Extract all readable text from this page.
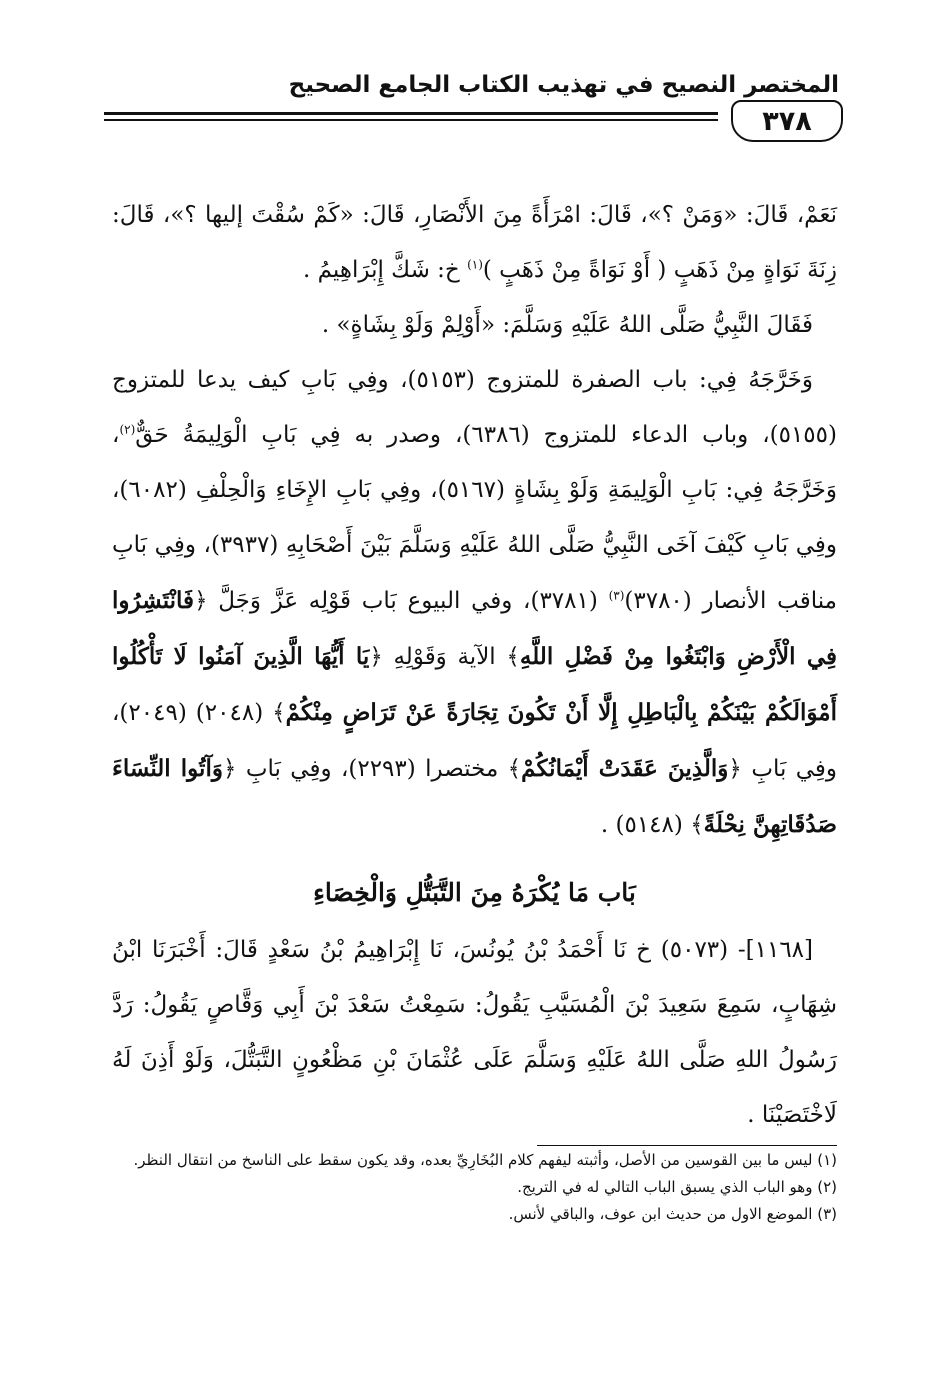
المختصر النصيح في تهذيب الكتاب الجامع الصحيح
٣٧٨

نَعَمْ، قَالَ: «وَمَنْ ؟»، قَالَ: امْرَأَةً مِنَ الأَنْصَارِ، قَالَ: «كَمْ سُقْتَ إليها ؟»، قَالَ: زِنَةَ نَوَاةٍ مِنْ ذَهَبٍ ( أَوْ نَوَاةً مِنْ ذَهَبٍ )$^{(١)}$ خ: شَكَّ إِبْرَاهِيمُ .

فَقَالَ النَّبِيُّ صَلَّى اللهُ عَلَيْهِ وَسَلَّمَ: «أَوْلِمْ وَلَوْ بِشَاةٍ» .

وَخَرَّجَهُ فِي: باب الصفرة للمتزوج (٥١٥٣)، وفِي بَابِ كيف يدعا للمتزوج (٥١٥٥)، وباب الدعاء للمتزوج (٦٣٨٦)، وصدر به فِي بَابِ الْوَلِيمَةُ حَقٌّ$^{(٢)}$، وَخَرَّجَهُ فِي: بَابِ الْوَلِيمَةِ وَلَوْ بِشَاةٍ (٥١٦٧)، وفِي بَابِ الإِخَاءِ وَالْحِلْفِ (٦٠٨٢)، وفِي بَابِ كَيْفَ آخَى النَّبِيُّ صَلَّى اللهُ عَلَيْهِ وَسَلَّمَ بَيْنَ أَصْحَابِهِ (٣٩٣٧)، وفِي بَابِ مناقب الأنصار (٣٧٨٠)$^{(٣)}$ (٣٧٨١)، وفي البيوع بَاب قَوْلِه عَزَّ وَجَلَّ ﴿فَانْتَشِرُوا فِي الْأَرْضِ وَابْتَغُوا مِنْ فَضْلِ اللَّهِ﴾ الآية وَقَوْلِهِ ﴿يَا أَيُّهَا الَّذِينَ آمَنُوا لَا تَأْكُلُوا أَمْوَالَكُمْ بَيْنَكُمْ بِالْبَاطِلِ إِلَّا أَنْ تَكُونَ تِجَارَةً عَنْ تَرَاضٍ مِنْكُمْ﴾ (٢٠٤٨) (٢٠٤٩)، وفِي بَابِ ﴿وَالَّذِينَ عَقَدَتْ أَيْمَانُكُمْ﴾ مختصرا (٢٢٩٣)، وفِي بَابِ ﴿وَآتُوا النِّسَاءَ صَدُقَاتِهِنَّ نِحْلَةً﴾ (٥١٤٨) .

بَاب مَا يُكْرَهُ مِنَ التَّبَتُّلِ وَالْخِصَاءِ

[١١٦٨]- (٥٠٧٣) خ نَا أَحْمَدُ بْنُ يُونُسَ، نَا إِبْرَاهِيمُ بْنُ سَعْدٍ قَالَ: أَخْبَرَنَا ابْنُ شِهَابٍ، سَمِعَ سَعِيدَ بْنَ الْمُسَيَّبِ يَقُولُ: سَمِعْتُ سَعْدَ بْنَ أَبِي وَقَّاصٍ يَقُولُ: رَدَّ رَسُولُ اللهِ صَلَّى اللهُ عَلَيْهِ وَسَلَّمَ عَلَى عُثْمَانَ بْنِ مَظْعُونٍ التَّبَتُّلَ، وَلَوْ أَذِنَ لَهُ لَاخْتَصَيْنَا .

(١) ليس ما بين القوسين من الأصل، وأثبته ليفهم كلام البُخَارِيِّ بعده، وقد يكون سقط على الناسخ من انتقال النظر.

(٢) وهو الباب الذي يسبق الباب التالي له في التريج.

(٣) الموضع الاول من حديث ابن عوف، والباقي لأنس.
